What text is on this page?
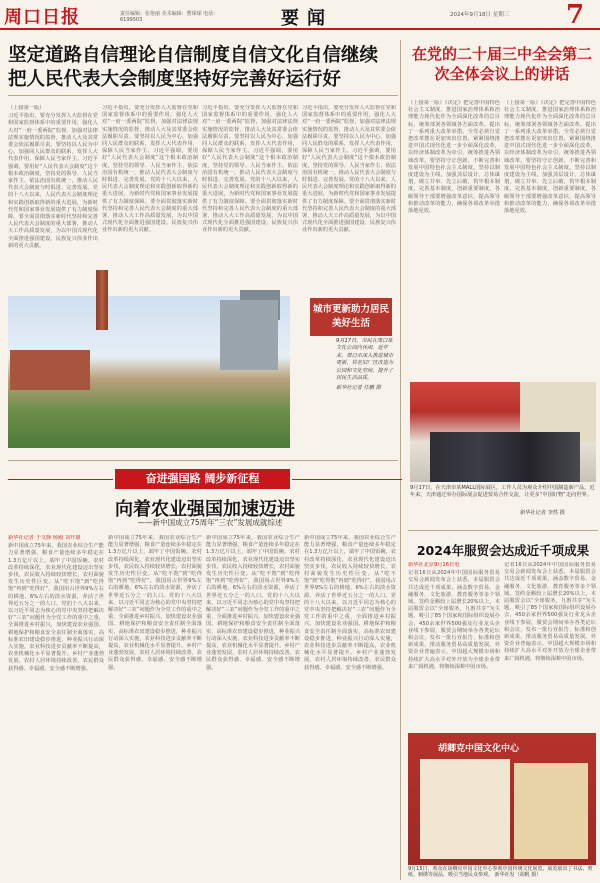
周口日报	责任编辑：张艳丽 美术编辑：曹琛琛 电话：6199503	要闻	2024年9月18日 星期三 7
坚定道路自信理论自信制度自信文化自信继续把人民代表大会制度坚持好完善好运行好
在党的二十届三中全会第二次全体会议上的讲话

（上接第一版）

习近平指出，要充分发挥人大监督在党和国家监督体系中的重要作用，强化人大对“一府一委两院”监督，加强对法律法规实施情况的监督，推动人大及其常委会依法履职尽责。要坚持以人民为中心，加强同人民群众的联系，发挥人大代表作用，保障人民当家作主。习近平强调，要用好“人民代表大会制度”这个根本政治制度，坚持党的领导、人民当家作主、依法治国有机统一，推动人民代表大会制度与时俱进、完善发展。党的十八大以来，人民代表大会制度理论和实践创新取得新的重大进展，为新时代党和国家事业发展提供了有力制度保障。要全面贯彻落实新时代坚持和完善人民代表大会制度的重大部署，推动人大工作高质量发展，为以中国式现代化全面推进强国建设、民族复兴伟业作出新的更大贡献。

习近平指出，要充分发挥人大监督在党和国家监督体系中的重要作用，强化人大对“一府一委两院”监督，加强对法律法规实施情况的监督，推动人大及其常委会依法履职尽责。要坚持以人民为中心，加强同人民群众的联系，发挥人大代表作用，保障人民当家作主。习近平强调，要用好“人民代表大会制度”这个根本政治制度，坚持党的领导、人民当家作主、依法治国有机统一，推动人民代表大会制度与时俱进、完善发展。党的十八大以来，人民代表大会制度理论和实践创新取得新的重大进展，为新时代党和国家事业发展提供了有力制度保障。要全面贯彻落实新时代坚持和完善人民代表大会制度的重大部署，推动人大工作高质量发展，为以中国式现代化全面推进强国建设、民族复兴伟业作出新的更大贡献。

习近平指出，要充分发挥人大监督在党和国家监督体系中的重要作用，强化人大对“一府一委两院”监督，加强对法律法规实施情况的监督，推动人大及其常委会依法履职尽责。要坚持以人民为中心，加强同人民群众的联系，发挥人大代表作用，保障人民当家作主。习近平强调，要用好“人民代表大会制度”这个根本政治制度，坚持党的领导、人民当家作主、依法治国有机统一，推动人民代表大会制度与时俱进、完善发展。党的十八大以来，人民代表大会制度理论和实践创新取得新的重大进展，为新时代党和国家事业发展提供了有力制度保障。要全面贯彻落实新时代坚持和完善人民代表大会制度的重大部署，推动人大工作高质量发展，为以中国式现代化全面推进强国建设、民族复兴伟业作出新的更大贡献。

习近平指出，要充分发挥人大监督在党和国家监督体系中的重要作用，强化人大对“一府一委两院”监督，加强对法律法规实施情况的监督，推动人大及其常委会依法履职尽责。要坚持以人民为中心，加强同人民群众的联系，发挥人大代表作用，保障人民当家作主。习近平强调，要用好“人民代表大会制度”这个根本政治制度，坚持党的领导、人民当家作主、依法治国有机统一，推动人民代表大会制度与时俱进、完善发展。党的十八大以来，人民代表大会制度理论和实践创新取得新的重大进展，为新时代党和国家事业发展提供了有力制度保障。要全面贯彻落实新时代坚持和完善人民代表大会制度的重大部署，推动人大工作高质量发展，为以中国式现代化全面推进强国建设、民族复兴伟业作出新的更大贡献。

（上接第一版）《决定》把完善中国特色社会主义制度、推进国家治理体系和治理能力现代化作为全面深化改革的总目标，统筹部署各领域各方面改革，提出了一系列重大改革举措。全党必须自觉把改革摆在更加突出位置，紧紧围绕推进中国式现代化进一步全面深化改革，以经济体制改革为牵引，统筹推进各领域改革。要坚持守正创新，不断完善和发展中国特色社会主义制度，坚持以制度建设为主线，加强顶层设计、总体谋划，破立并举、先立后破，筑牢根本制度，完善基本制度，创新重要制度。各级领导干部要增强改革意识，提高领导和推动改革的能力，确保各项改革举措落地见效。

（上接第一版）《决定》把完善中国特色社会主义制度、推进国家治理体系和治理能力现代化作为全面深化改革的总目标，统筹部署各领域各方面改革，提出了一系列重大改革举措。全党必须自觉把改革摆在更加突出位置，紧紧围绕推进中国式现代化进一步全面深化改革，以经济体制改革为牵引，统筹推进各领域改革。要坚持守正创新，不断完善和发展中国特色社会主义制度，坚持以制度建设为主线，加强顶层设计、总体谋划，破立并举、先立后破，筑牢根本制度，完善基本制度，创新重要制度。各级领导干部要增强改革意识，提高领导和推动改革的能力，确保各项改革举措落地见效。

城市更新助力居民美好生活
9月17日，市民在周口某文化公园内休闲。近年来，周口市深入推进城市更新，将老旧厂区改造为公园和文化空间，提升了居民生活品质。
新华社记者 任鹏 摄
奋进强国路 阔步新征程
向着农业强国加速迈进
——新中国成立75周年“三农”发展成就综述

新华社记者 于文静 杨殿 刘开雄

新中国成立75年来，我国农业综合生产能力显著增强，粮食产量连续多年稳定在1.3万亿斤以上，端牢了中国饭碗。农村改革持续深化，农业现代化建设迈出坚实步伐，农民收入持续较快增长，农村面貌发生历史性巨变。从“吃不饱”到“吃得饱”再到“吃得好”，我国用占世界9%左右的耕地、6%左右的淡水资源，养活了世界近五分之一的人口。党的十八大以来，以习近平同志为核心的党中央坚持把解决好“三农”问题作为全党工作的重中之重，全面推进乡村振兴，加快建设农业强国。耕地保护和粮食安全责任制全面落实，高标准农田建设稳步推进，种业振兴行动深入实施，农业科技进步贡献率不断提高，农业机械化水平显著提升。乡村产业蓬勃发展，农村人居环境持续改善，农民群众获得感、幸福感、安全感不断增强。

新中国成立75年来，我国农业综合生产能力显著增强，粮食产量连续多年稳定在1.3万亿斤以上，端牢了中国饭碗。农村改革持续深化，农业现代化建设迈出坚实步伐，农民收入持续较快增长，农村面貌发生历史性巨变。从“吃不饱”到“吃得饱”再到“吃得好”，我国用占世界9%左右的耕地、6%左右的淡水资源，养活了世界近五分之一的人口。党的十八大以来，以习近平同志为核心的党中央坚持把解决好“三农”问题作为全党工作的重中之重，全面推进乡村振兴，加快建设农业强国。耕地保护和粮食安全责任制全面落实，高标准农田建设稳步推进，种业振兴行动深入实施，农业科技进步贡献率不断提高，农业机械化水平显著提升。乡村产业蓬勃发展，农村人居环境持续改善，农民群众获得感、幸福感、安全感不断增强。

新中国成立75年来，我国农业综合生产能力显著增强，粮食产量连续多年稳定在1.3万亿斤以上，端牢了中国饭碗。农村改革持续深化，农业现代化建设迈出坚实步伐，农民收入持续较快增长，农村面貌发生历史性巨变。从“吃不饱”到“吃得饱”再到“吃得好”，我国用占世界9%左右的耕地、6%左右的淡水资源，养活了世界近五分之一的人口。党的十八大以来，以习近平同志为核心的党中央坚持把解决好“三农”问题作为全党工作的重中之重，全面推进乡村振兴，加快建设农业强国。耕地保护和粮食安全责任制全面落实，高标准农田建设稳步推进，种业振兴行动深入实施，农业科技进步贡献率不断提高，农业机械化水平显著提升。乡村产业蓬勃发展，农村人居环境持续改善，农民群众获得感、幸福感、安全感不断增强。

新中国成立75年来，我国农业综合生产能力显著增强，粮食产量连续多年稳定在1.3万亿斤以上，端牢了中国饭碗。农村改革持续深化，农业现代化建设迈出坚实步伐，农民收入持续较快增长，农村面貌发生历史性巨变。从“吃不饱”到“吃得饱”再到“吃得好”，我国用占世界9%左右的耕地、6%左右的淡水资源，养活了世界近五分之一的人口。党的十八大以来，以习近平同志为核心的党中央坚持把解决好“三农”问题作为全党工作的重中之重，全面推进乡村振兴，加快建设农业强国。耕地保护和粮食安全责任制全面落实，高标准农田建设稳步推进，种业振兴行动深入实施，农业科技进步贡献率不断提高，农业机械化水平显著提升。乡村产业蓬勃发展，农村人居环境持续改善，农民群众获得感、幸福感、安全感不断增强。

9月17日，在天津市某MALL国际展区，工作人员为观众介绍中国制造新产品。近年来，天津通过举办国际展会促进贸易合作交流，让更多“中国好物”走向世界。
新华社记者 李然 摄
2024年服贸会达成近千项成果

新华社北京9月16日电

记者16日从2024年中国国际服务贸易交易会新闻发布会上获悉，本届服贸会共达成近千项成果，涵盖数字贸易、金融服务、文化旅游、教育服务等多个领域，签约金额较上届增长20%以上。本届服贸会以“全球服务，互惠共享”为主题，吸引了85个国家和国际组织设展办会，450余家世界500强及行业龙头企业线下参展。服贸会期间举办各类论坛和会议，发布一批行业报告、标准和创新成果，推动服务贸易高质量发展。外资企业普遍表示，中国超大规模市场和持续扩大高水平对外开放为全球企业带来广阔机遇，将继续深耕中国市场。

记者16日从2024年中国国际服务贸易交易会新闻发布会上获悉，本届服贸会共达成近千项成果，涵盖数字贸易、金融服务、文化旅游、教育服务等多个领域，签约金额较上届增长20%以上。本届服贸会以“全球服务，互惠共享”为主题，吸引了85个国家和国际组织设展办会，450余家世界500强及行业龙头企业线下参展。服贸会期间举办各类论坛和会议，发布一批行业报告、标准和创新成果，推动服务贸易高质量发展。外资企业普遍表示，中国超大规模市场和持续扩大高水平对外开放为全球企业带来广阔机遇，将继续深耕中国市场。

胡卿克中国文化中心
9月15日，观众在胡卿克中国文化中心参观中国传统文化展览。展览展出了书法、剪纸、刺绣等展品，吸引当地民众参观。 新华社发（胡帆 摄）
